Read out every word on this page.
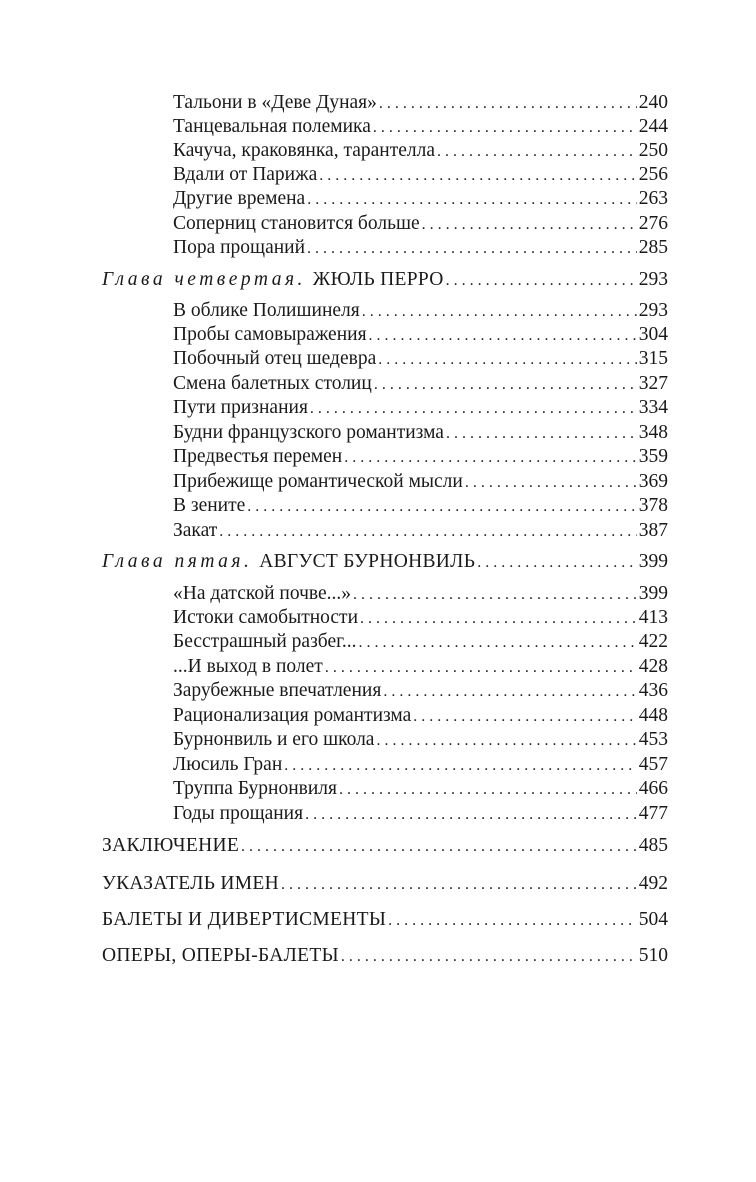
Тальони в «Деве Дуная» . . .	240
Танцевальная полемика . . .	244
Качуча, краковянка, тарантелла . . .	250
Вдали от Парижа . . .	256
Другие времена . . .	263
Соперниц становится больше . . .	276
Пора прощаний . . .	285
Глава четвертая. ЖЮЛЬ ПЕРРО . . .	293
В облике Полишинеля . . .	293
Пробы самовыражения . . .	304
Побочный отец шедевра . . .	315
Смена балетных столиц . . .	327
Пути признания . . .	334
Будни французского романтизма . . .	348
Предвестья перемен . . .	359
Прибежище романтической мысли . . .	369
В зените . . .	378
Закат . . .	387
Глава пятая. АВГУСТ БУРНОНВИЛЬ . . .	399
«На датской почве...» . . .	399
Истоки самобытности . . .	413
Бесстрашный разбег... . . .	422
...И выход в полет . . .	428
Зарубежные впечатления . . .	436
Рационализация романтизма . . .	448
Бурнонвиль и его школа . . .	453
Люсиль Гран . . .	457
Труппа Бурнонвиля . . .	466
Годы прощания . . .	477
ЗАКЛЮЧЕНИЕ . . .	485
УКАЗАТЕЛЬ ИМЕН . . .	492
БАЛЕТЫ И ДИВЕРТИСМЕНТЫ . . .	504
ОПЕРЫ, ОПЕРЫ-БАЛЕТЫ . . .	510
